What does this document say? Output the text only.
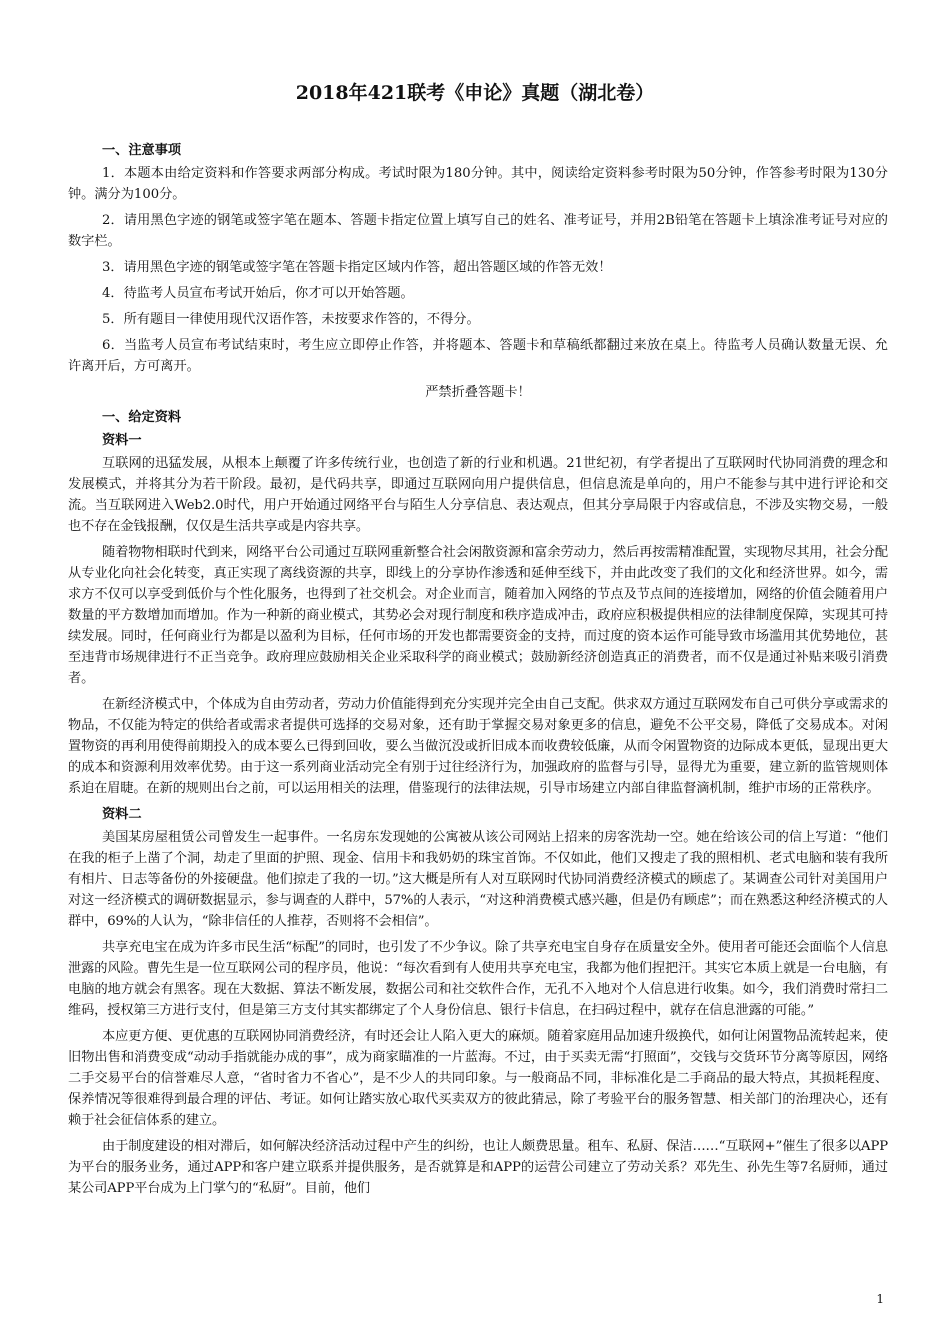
2018年421联考《申论》真题（湖北卷）
一、注意事项

1．本题本由给定资料和作答要求两部分构成。考试时限为180分钟。其中，阅读给定资料参考时限为50分钟，作答参考时限为130分钟。满分为100分。

2．请用黑色字迹的钢笔或签字笔在题本、答题卡指定位置上填写自己的姓名、准考证号，并用2B铅笔在答题卡上填涂准考证号对应的数字栏。

3．请用黑色字迹的钢笔或签字笔在答题卡指定区域内作答，超出答题区域的作答无效！

4．待监考人员宣布考试开始后，你才可以开始答题。

5．所有题目一律使用现代汉语作答，未按要求作答的，不得分。

6．当监考人员宣布考试结束时，考生应立即停止作答，并将题本、答题卡和草稿纸都翻过来放在桌上。待监考人员确认数量无误、允许离开后，方可离开。

严禁折叠答题卡！

一、给定资料
资料一

互联网的迅猛发展，从根本上颠覆了许多传统行业，也创造了新的行业和机遇。21世纪初，有学者提出了互联网时代协同消费的理念和发展模式，并将其分为若干阶段。最初，是代码共享，即通过互联网向用户提供信息，但信息流是单向的，用户不能参与其中进行评论和交流。当互联网进入Web2.0时代，用户开始通过网络平台与陌生人分享信息、表达观点，但其分享局限于内容或信息，不涉及实物交易，一般也不存在金钱报酬，仅仅是生活共享或是内容共享。

随着物物相联时代到来，网络平台公司通过互联网重新整合社会闲散资源和富余劳动力，然后再按需精准配置，实现物尽其用，社会分配从专业化向社会化转变，真正实现了离线资源的共享，即线上的分享协作渗透和延伸至线下，并由此改变了我们的文化和经济世界。如今，需求方不仅可以享受到低价与个性化服务，也得到了社交机会。对企业而言，随着加入网络的节点及节点间的连接增加，网络的价值会随着用户数量的平方数增加而增加。作为一种新的商业模式，其势必会对现行制度和秩序造成冲击，政府应积极提供相应的法律制度保障，实现其可持续发展。同时，任何商业行为都是以盈利为目标，任何市场的开发也都需要资金的支持，而过度的资本运作可能导致市场滥用其优势地位，甚至违背市场规律进行不正当竞争。政府理应鼓励相关企业采取科学的商业模式；鼓励新经济创造真正的消费者，而不仅是通过补贴来吸引消费者。

在新经济模式中，个体成为自由劳动者，劳动力价值能得到充分实现并完全由自己支配。供求双方通过互联网发布自己可供分享或需求的物品，不仅能为特定的供给者或需求者提供可选择的交易对象，还有助于掌握交易对象更多的信息，避免不公平交易，降低了交易成本。对闲置物资的再利用使得前期投入的成本要么已得到回收，要么当做沉没或折旧成本而收费较低廉，从而令闲置物资的边际成本更低，显现出更大的成本和资源利用效率优势。由于这一系列商业活动完全有别于过往经济行为，加强政府的监督与引导，显得尤为重要，建立新的监管规则体系迫在眉睫。在新的规则出台之前，可以运用相关的法理，借鉴现行的法律法规，引导市场建立内部自律监督滴机制，维护市场的正常秩序。

资料二

美国某房屋租赁公司曾发生一起事件。一名房东发现她的公寓被从该公司网站上招来的房客洗劫一空。她在给该公司的信上写道：“他们在我的柜子上凿了个洞，劫走了里面的护照、现金、信用卡和我奶奶的珠宝首饰。不仅如此，他们又搜走了我的照相机、老式电脑和装有我所有相片、日志等备份的外接硬盘。他们掠走了我的一切。”这大概是所有人对互联网时代协同消费经济模式的顾虑了。某调查公司针对美国用户对这一经济模式的调研数据显示，参与调查的人群中，57%的人表示，“对这种消费模式感兴趣，但是仍有顾虑”；而在熟悉这种经济模式的人群中，69%的人认为，“除非信任的人推荐，否则将不会相信”。

共享充电宝在成为许多市民生活“标配”的同时，也引发了不少争议。除了共享充电宝自身存在质量安全外。使用者可能还会面临个人信息泄露的风险。曹先生是一位互联网公司的程序员，他说：“每次看到有人使用共享充电宝，我都为他们捏把汗。其实它本质上就是一台电脑，有电脑的地方就会有黑客。现在大数据、算法不断发展，数据公司和社交软件合作，无孔不入地对个人信息进行收集。如今，我们消费时常扫二维码，授权第三方进行支付，但是第三方支付其实都绑定了个人身份信息、银行卡信息，在扫码过程中，就存在信息泄露的可能。”

本应更方便、更优惠的互联网协同消费经济，有时还会让人陷入更大的麻烦。随着家庭用品加速升级换代，如何让闲置物品流转起来，使旧物出售和消费变成“动动手指就能办成的事”，成为商家瞄准的一片蓝海。不过，由于买卖无需“打照面”，交钱与交货环节分离等原因，网络二手交易平台的信誉难尽人意，“省时省力不省心”，是不少人的共同印象。与一般商品不同，非标准化是二手商品的最大特点，其损耗程度、保养情况等很难得到最合理的评估、考证。如何让踏实放心取代买卖双方的彼此猜忌，除了考验平台的服务智慧、相关部门的治理决心，还有赖于社会征信体系的建立。

由于制度建设的相对滞后，如何解决经济活动过程中产生的纠纷，也让人颇费思量。租车、私厨、保洁……“互联网+”催生了很多以APP为平台的服务业务，通过APP和客户建立联系并提供服务，是否就算是和APP的运营公司建立了劳动关系？邓先生、孙先生等7名厨师，通过某公司APP平台成为上门掌勺的“私厨”。目前，他们

1
